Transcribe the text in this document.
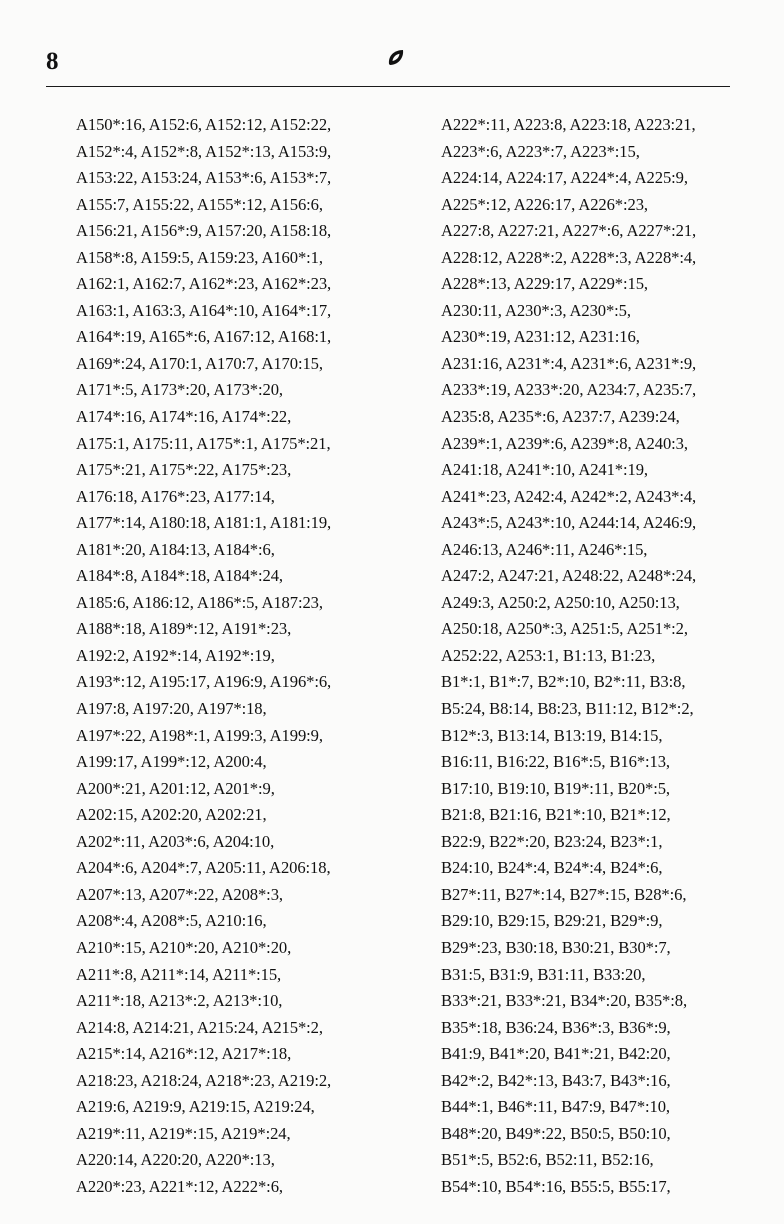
8
A150*:16, A152:6, A152:12, A152:22,
A152*:4, A152*:8, A152*:13, A153:9,
A153:22, A153:24, A153*:6, A153*:7,
A155:7, A155:22, A155*:12, A156:6,
A156:21, A156*:9, A157:20, A158:18,
A158*:8, A159:5, A159:23, A160*:1,
A162:1, A162:7, A162*:23, A162*:23,
A163:1, A163:3, A164*:10, A164*:17,
A164*:19, A165*:6, A167:12, A168:1,
A169*:24, A170:1, A170:7, A170:15,
A171*:5, A173*:20, A173*:20,
A174*:16, A174*:16, A174*:22,
A175:1, A175:11, A175*:1, A175*:21,
A175*:21, A175*:22, A175*:23,
A176:18, A176*:23, A177:14,
A177*:14, A180:18, A181:1, A181:19,
A181*:20, A184:13, A184*:6,
A184*:8, A184*:18, A184*:24,
A185:6, A186:12, A186*:5, A187:23,
A188*:18, A189*:12, A191*:23,
A192:2, A192*:14, A192*:19,
A193*:12, A195:17, A196:9, A196*:6,
A197:8, A197:20, A197*:18,
A197*:22, A198*:1, A199:3, A199:9,
A199:17, A199*:12, A200:4,
A200*:21, A201:12, A201*:9,
A202:15, A202:20, A202:21,
A202*:11, A203*:6, A204:10,
A204*:6, A204*:7, A205:11, A206:18,
A207*:13, A207*:22, A208*:3,
A208*:4, A208*:5, A210:16,
A210*:15, A210*:20, A210*:20,
A211*:8, A211*:14, A211*:15,
A211*:18, A213*:2, A213*:10,
A214:8, A214:21, A215:24, A215*:2,
A215*:14, A216*:12, A217*:18,
A218:23, A218:24, A218*:23, A219:2,
A219:6, A219:9, A219:15, A219:24,
A219*:11, A219*:15, A219*:24,
A220:14, A220:20, A220*:13,
A220*:23, A221*:12, A222*:6,
A222*:11, A223:8, A223:18, A223:21,
A223*:6, A223*:7, A223*:15,
A224:14, A224:17, A224*:4, A225:9,
A225*:12, A226:17, A226*:23,
A227:8, A227:21, A227*:6, A227*:21,
A228:12, A228*:2, A228*:3, A228*:4,
A228*:13, A229:17, A229*:15,
A230:11, A230*:3, A230*:5,
A230*:19, A231:12, A231:16,
A231:16, A231*:4, A231*:6, A231*:9,
A233*:19, A233*:20, A234:7, A235:7,
A235:8, A235*:6, A237:7, A239:24,
A239*:1, A239*:6, A239*:8, A240:3,
A241:18, A241*:10, A241*:19,
A241*:23, A242:4, A242*:2, A243*:4,
A243*:5, A243*:10, A244:14, A246:9,
A246:13, A246*:11, A246*:15,
A247:2, A247:21, A248:22, A248*:24,
A249:3, A250:2, A250:10, A250:13,
A250:18, A250*:3, A251:5, A251*:2,
A252:22, A253:1, B1:13, B1:23,
B1*:1, B1*:7, B2*:10, B2*:11, B3:8,
B5:24, B8:14, B8:23, B11:12, B12*:2,
B12*:3, B13:14, B13:19, B14:15,
B16:11, B16:22, B16*:5, B16*:13,
B17:10, B19:10, B19*:11, B20*:5,
B21:8, B21:16, B21*:10, B21*:12,
B22:9, B22*:20, B23:24, B23*:1,
B24:10, B24*:4, B24*:4, B24*:6,
B27*:11, B27*:14, B27*:15, B28*:6,
B29:10, B29:15, B29:21, B29*:9,
B29*:23, B30:18, B30:21, B30*:7,
B31:5, B31:9, B31:11, B33:20,
B33*:21, B33*:21, B34*:20, B35*:8,
B35*:18, B36:24, B36*:3, B36*:9,
B41:9, B41*:20, B41*:21, B42:20,
B42*:2, B42*:13, B43:7, B43*:16,
B44*:1, B46*:11, B47:9, B47*:10,
B48*:20, B49*:22, B50:5, B50:10,
B51*:5, B52:6, B52:11, B52:16,
B54*:10, B54*:16, B55:5, B55:17,
